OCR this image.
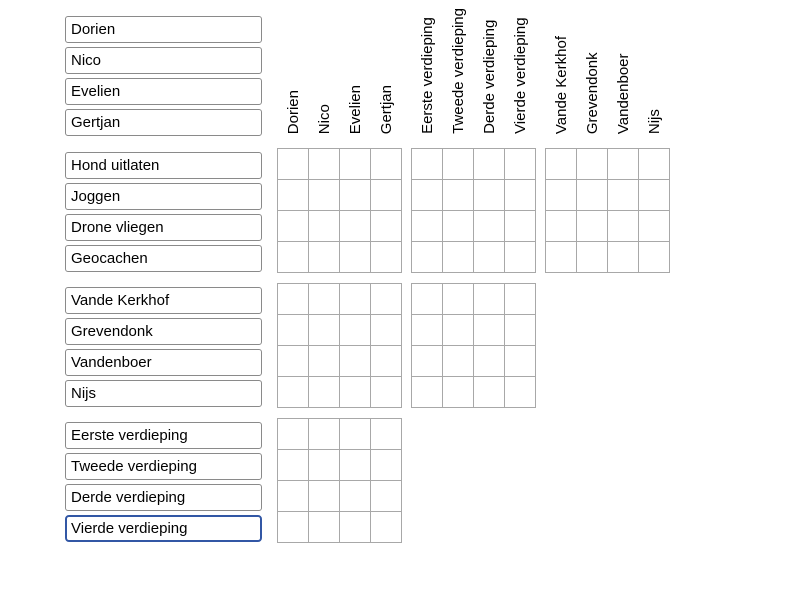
Dorien
Nico
Evelien
Gertjan
Dorien Nico Evelien Gertjan	Eerste verdieping Tweede verdieping Derde verdieping Vierde verdieping	Vande Kerkhof Grevendonk Vandenboer Nijs
Hond uitlaten
Joggen
Drone vliegen
Geocachen

Vande Kerkhof
Grevendonk
Vandenboer
Nijs

Eerste verdieping
Tweede verdieping
Derde verdieping
Vierde verdieping
